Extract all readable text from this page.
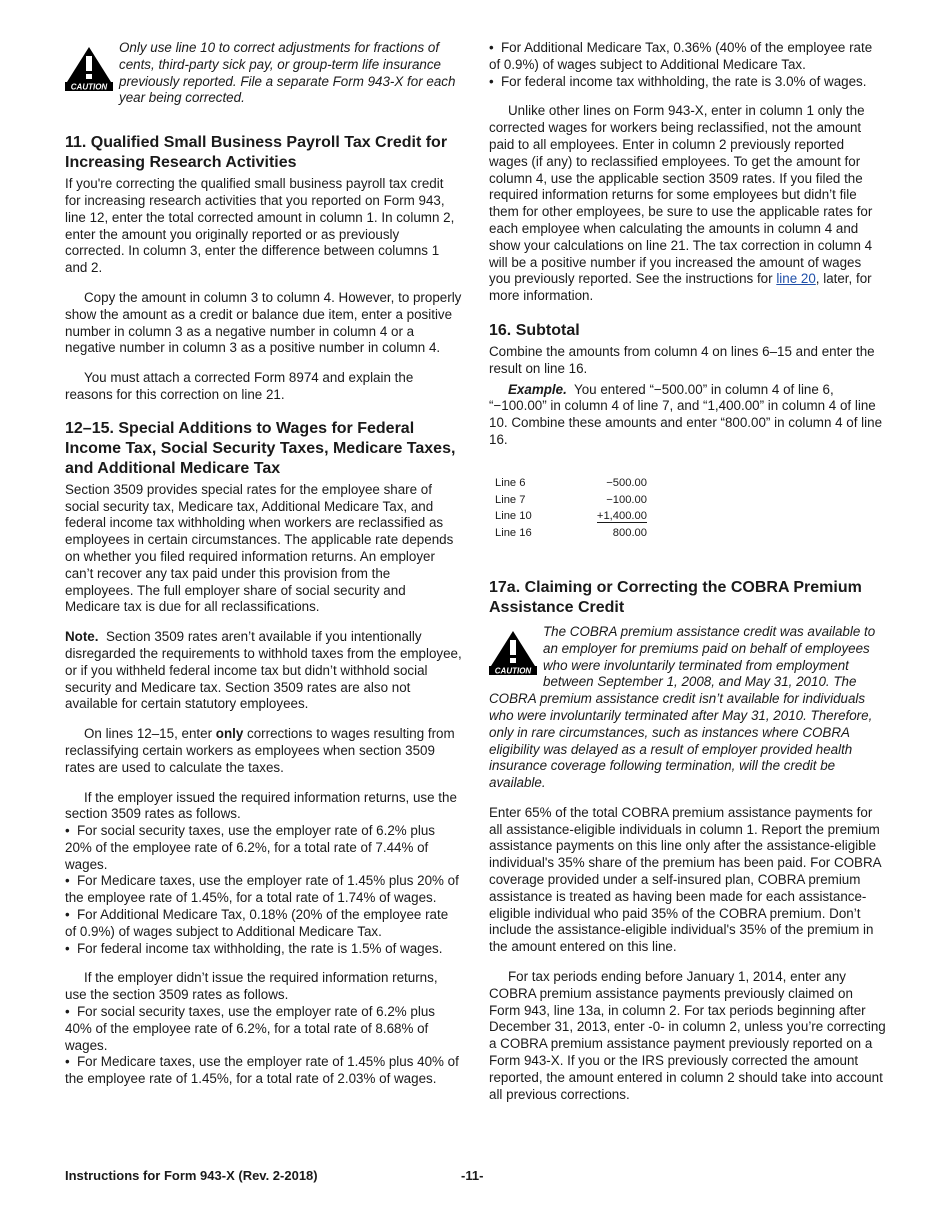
CAUTION

Only use line 10 to correct adjustments for fractions of cents, third-party sick pay, or group-term life insurance previously reported. File a separate Form 943-X for each year being corrected.

11. Qualified Small Business Payroll Tax Credit for Increasing Research Activities

If you're correcting the qualified small business payroll tax credit for increasing research activities that you reported on Form 943, line 12, enter the total corrected amount in column 1. In column 2, enter the amount you originally reported or as previously corrected. In column 3, enter the difference between columns 1 and 2.

Copy the amount in column 3 to column 4. However, to properly show the amount as a credit or balance due item, enter a positive number in column 3 as a negative number in column 4 or a negative number in column 3 as a positive number in column 4.

You must attach a corrected Form 8974 and explain the reasons for this correction on line 21.

12–15. Special Additions to Wages for Federal Income Tax, Social Security Taxes, Medicare Taxes, and Additional Medicare Tax

Section 3509 provides special rates for the employee share of social security tax, Medicare tax, Additional Medicare Tax, and federal income tax withholding when workers are reclassified as employees in certain circumstances. The applicable rate depends on whether you filed required information returns. An employer can’t recover any tax paid under this provision from the employees. The full employer share of social security and Medicare tax is due for all reclassifications.

Note. Section 3509 rates aren’t available if you intentionally disregarded the requirements to withhold taxes from the employee, or if you withheld federal income tax but didn’t withhold social security and Medicare tax. Section 3509 rates are also not available for certain statutory employees.

On lines 12–15, enter only corrections to wages resulting from reclassifying certain workers as employees when section 3509 rates are used to calculate the taxes.

If the employer issued the required information returns, use the section 3509 rates as follows.

• For social security taxes, use the employer rate of 6.2% plus 20% of the employee rate of 6.2%, for a total rate of 7.44% of wages.

• For Medicare taxes, use the employer rate of 1.45% plus 20% of the employee rate of 1.45%, for a total rate of 1.74% of wages.

• For Additional Medicare Tax, 0.18% (20% of the employee rate of 0.9%) of wages subject to Additional Medicare Tax.

• For federal income tax withholding, the rate is 1.5% of wages.

If the employer didn’t issue the required information returns, use the section 3509 rates as follows.

• For social security taxes, use the employer rate of 6.2% plus 40% of the employee rate of 6.2%, for a total rate of 8.68% of wages.

• For Medicare taxes, use the employer rate of 1.45% plus 40% of the employee rate of 1.45%, for a total rate of 2.03% of wages.

• For Additional Medicare Tax, 0.36% (40% of the employee rate of 0.9%) of wages subject to Additional Medicare Tax.

• For federal income tax withholding, the rate is 3.0% of wages.

Unlike other lines on Form 943-X, enter in column 1 only the corrected wages for workers being reclassified, not the amount paid to all employees. Enter in column 2 previously reported wages (if any) to reclassified employees. To get the amount for column 4, use the applicable section 3509 rates. If you filed the required information returns for some employees but didn’t file them for other employees, be sure to use the applicable rates for each employee when calculating the amounts in column 4 and show your calculations on line 21. The tax correction in column 4 will be a positive number if you increased the amount of wages you previously reported. See the instructions for line 20, later, for more information.

16. Subtotal

Combine the amounts from column 4 on lines 6–15 and enter the result on line 16.

Example. You entered “−500.00” in column 4 of line 6, “−100.00” in column 4 of line 7, and “1,400.00” in column 4 of line 10. Combine these amounts and enter “800.00” in column 4 of line 16.

Line 6	−500.00
Line 7	−100.00
Line 10	+1,400.00
Line 16	800.00
17a. Claiming or Correcting the COBRA Premium Assistance Credit
CAUTION

The COBRA premium assistance credit was available to an employer for premiums paid on behalf of employees who were involuntarily terminated from employment between September 1, 2008, and May 31, 2010. The COBRA premium assistance credit isn’t available for individuals who were involuntarily terminated after May 31, 2010. Therefore, only in rare circumstances, such as instances where COBRA eligibility was delayed as a result of employer provided health insurance coverage following termination, will the credit be available.

Enter 65% of the total COBRA premium assistance payments for all assistance-eligible individuals in column 1. Report the premium assistance payments on this line only after the assistance-eligible individual's 35% share of the premium has been paid. For COBRA coverage provided under a self-insured plan, COBRA premium assistance is treated as having been made for each assistance-eligible individual who paid 35% of the COBRA premium. Don’t include the assistance-eligible individual's 35% of the premium in the amount entered on this line.

For tax periods ending before January 1, 2014, enter any COBRA premium assistance payments previously claimed on Form 943, line 13a, in column 2. For tax periods beginning after December 31, 2013, enter -0- in column 2, unless you’re correcting a COBRA premium assistance payment previously reported on a Form 943-X. If you or the IRS previously corrected the amount reported, the amount entered in column 2 should take into account all previous corrections.

Instructions for Form 943-X (Rev. 2-2018)	-11-
